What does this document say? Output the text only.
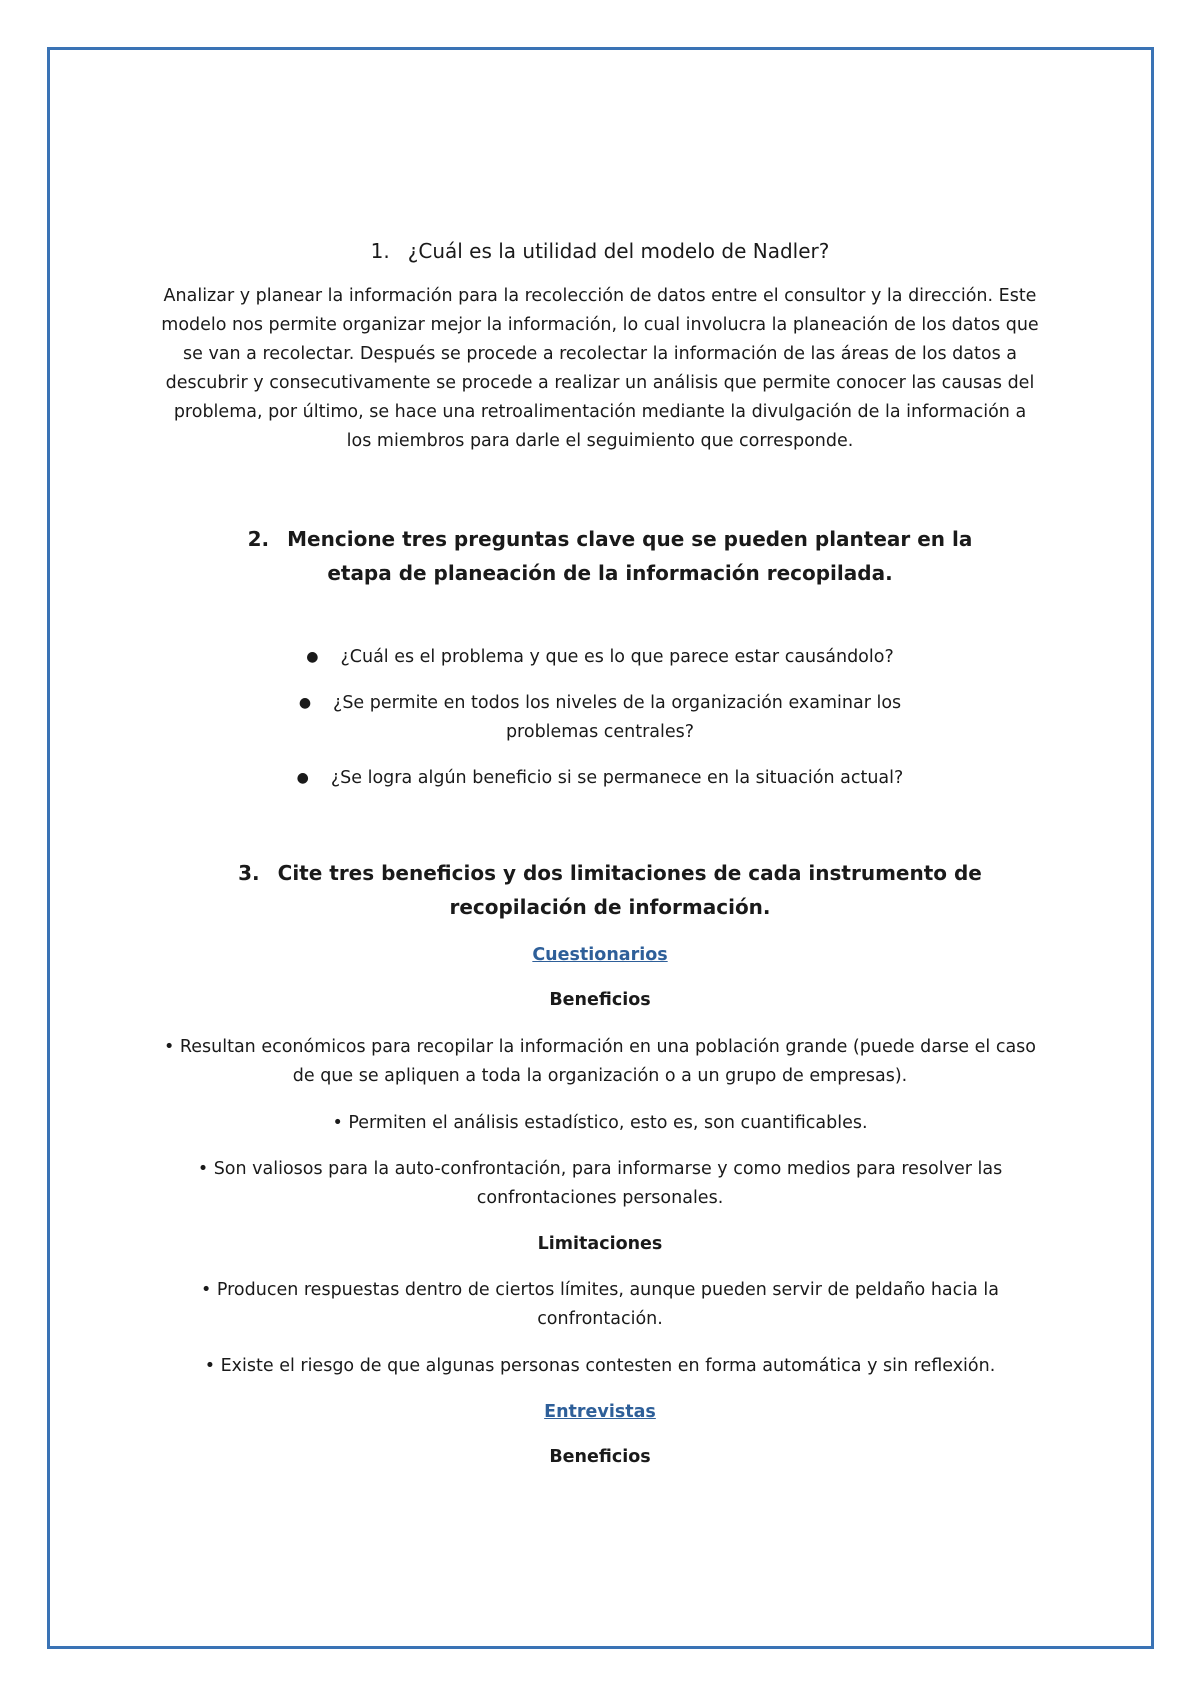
1. ¿Cuál es la utilidad del modelo de Nadler?

Analizar y planear la información para la recolección de datos entre el consultor y la dirección. Este modelo nos permite organizar mejor la información, lo cual involucra la planeación de los datos que se van a recolectar. Después se procede a recolectar la información de las áreas de los datos a descubrir y consecutivamente se procede a realizar un análisis que permite conocer las causas del problema, por último, se hace una retroalimentación mediante la divulgación de la información a los miembros para darle el seguimiento que corresponde.

2. Mencione tres preguntas clave que se pueden plantear en la etapa de planeación de la información recopilada.
● ¿Cuál es el problema y que es lo que parece estar causándolo?
● ¿Se permite en todos los niveles de la organización examinar los problemas centrales?
● ¿Se logra algún beneficio si se permanece en la situación actual?
3. Cite tres beneficios y dos limitaciones de cada instrumento de recopilación de información.
Cuestionarios
Beneficios
• Resultan económicos para recopilar la información en una población grande (puede darse el caso de que se apliquen a toda la organización o a un grupo de empresas).
• Permiten el análisis estadístico, esto es, son cuantificables.
• Son valiosos para la auto-confrontación, para informarse y como medios para resolver las confrontaciones personales.
Limitaciones
• Producen respuestas dentro de ciertos límites, aunque pueden servir de peldaño hacia la confrontación.
• Existe el riesgo de que algunas personas contesten en forma automática y sin reflexión.
Entrevistas
Beneficios
